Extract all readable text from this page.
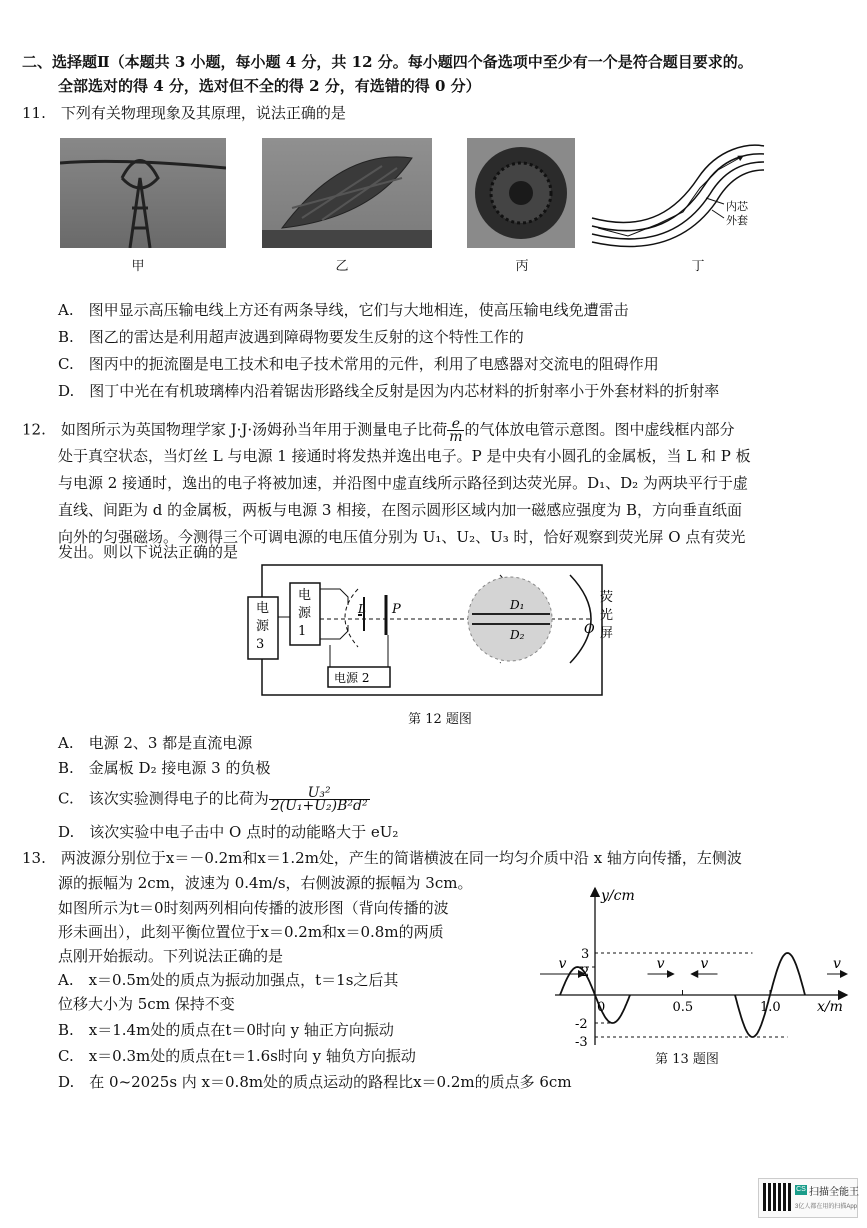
二、选择题Ⅱ（本题共 3 小题，每小题 4 分，共 12 分。每小题四个备选项中至少有一个是符合题目要求的。
全部选对的得 4 分，选对但不全的得 2 分，有选错的得 0 分）
11.　下列有关物理现象及其原理，说法正确的是
甲	乙	丙
内芯
外套
丁
A.　图甲显示高压输电线上方还有两条导线，它们与大地相连，使高压输电线免遭雷击
B.　图乙的雷达是利用超声波遇到障碍物要发生反射的这个特性工作的
C.　图丙中的扼流圈是电工技术和电子技术常用的元件，利用了电感器对交流电的阻碍作用
D.　图丁中光在有机玻璃棒内沿着锯齿形路线全反射是因为内芯材料的折射率小于外套材料的折射率
12.　如图所示为英国物理学家 J·J·汤姆孙当年用于测量电子比荷 $\frac{e}{m}$ 的气体放电管示意图。图中虚线框内部分
处于真空状态，当灯丝 L 与电源 1 接通时将发热并逸出电子。P 是中央有小圆孔的金属板，当 L 和 P 板
与电源 2 接通时，逸出的电子将被加速，并沿图中虚直线所示路径到达荧光屏。D₁、D₂ 为两块平行于虚
直线、间距为 d 的金属板，两板与电源 3 相接，在图示圆形区域内加一磁感应强度为 B，方向垂直纸面
向外的匀强磁场。今测得三个可调电源的电压值分别为 U₁、U₂、U₃ 时，恰好观察到荧光屏 O 点有荧光
发出。则以下说法正确的是
电
源
3
电
源
1
L P
电源 2
D₁
D₂	O
荧
光
屏
第 12 题图
A.　电源 2、3 都是直流电源
B.　金属板 D₂ 接电源 3 的负极
C.　该次实验测得电子的比荷为 $\frac{\text{U₃²}}{\text{2(U₁+U₂)B²d²}}$
D.　该次实验中电子击中 O 点时的动能略大于 eU₂
13.　两波源分别位于x＝－0.2m和x＝1.2m处，产生的简谐横波在同一均匀介质中沿 x 轴方向传播，左侧波
源的振幅为 2cm，波速为 0.4m/s，右侧波源的振幅为 3cm。
如图所示为t＝0时刻两列相向传播的波形图（背向传播的波
形未画出），此刻平衡位置位于x＝0.2m和x＝0.8m的两质
点刚开始振动。下列说法正确的是
A.　x＝0.5m处的质点为振动加强点，t＝1s之后其
位移大小为 5cm 保持不变
B.　x＝1.4m处的质点在t＝0时向 y 轴正方向振动
C.　x＝0.3m处的质点在t＝1.6s时向 y 轴负方向振动
D.　在 0~2025s 内 x＝0.8m处的质点运动的路程比x＝0.2m的质点多 6cm
y/cm
x/m
0	0.5	1.0
3
2
-2
-3
v	v	v	v
第 13 题图
CS 扫描全能王
3亿人都在用的扫描App
